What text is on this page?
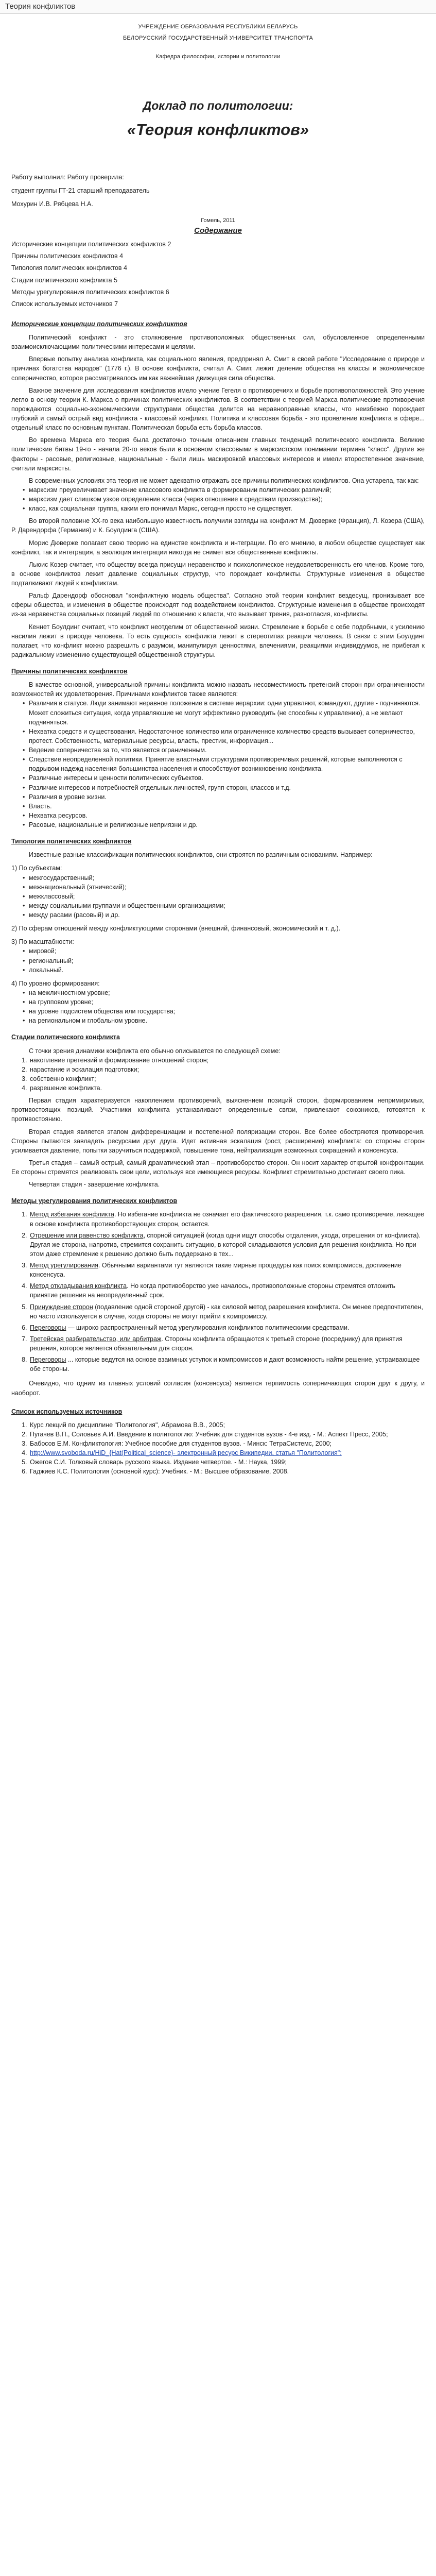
Теория конфликтов

УЧРЕЖДЕНИЕ ОБРАЗОВАНИЯ РЕСПУБЛИКИ БЕЛАРУСЬ

БЕЛОРУССКИЙ ГОСУДАРСТВЕННЫЙ УНИВЕРСИТЕТ ТРАНСПОРТА

Кафедра философии, истории и политологии

Доклад по политологии:

«Теория конфликтов»

Работу выполнил: Работу проверила:

студент группы ГТ-21 старший преподаватель

Мохурин И.В. Рябцева Н.А.

Гомель, 2011

Содержание

Исторические концепции политических конфликтов 2

Причины политических конфликтов 4

Типология политических конфликтов 4

Стадии политического конфликта 5

Методы урегулирования политических конфликтов 6

Список используемых источников 7

Исторические концепции политических конфликтов

Политический конфликт - это столкновение противоположных общественных сил, обусловленное определенными взаимоисключающими политическими интересами и целями.

Впервые попытку анализа конфликта, как социального явления, предпринял А. Смит в своей работе "Исследование о природе и причинах богатства народов" (1776 г.). В основе конфликта, считал А. Смит, лежит деление общества на классы и экономическое соперничество, которое рассматривалось им как важнейшая движущая сила общества.

Важное значение для исследования конфликтов имело учение Гегеля о противоречиях и борьбе противоположностей. Это учение легло в основу теории К. Маркса о причинах политических конфликтов. В соответствии с теорией Маркса политические противоречия порождаются социально-экономическими структурами общества делится на неравноправные классы, что неизбежно порождает глубокий и самый острый вид конфликта - классовый конфликт. Политика и классовая борьба - это проявление конфликта в сфере... отдельный класс по основным пунктам. Политическая борьба есть борьба классов.

Во времена Маркса его теория была достаточно точным описанием главных тенденций политического конфликта. Великие политические битвы 19-го - начала 20-го веков были в основном классовыми в марксистском понимании термина "класс". Другие же факторы - расовые, религиозные, национальные - были лишь маскировкой классовых интересов и имели второстепенное значение, считали марксисты.

В современных условиях эта теория не может адекватно отражать все причины политических конфликтов. Она устарела, так как:

• марксизм преувеличивает значение классового конфликта в формировании политических различий;
• марксизм дает слишком узкое определение класса (через отношение к средствам производства);
• класс, как социальная группа, каким его понимал Маркс, сегодня просто не существует.

Во второй половине XX-го века наибольшую известность получили взгляды на конфликт М. Дюверже (Франция), Л. Козера (США), Р. Дарендорфа (Германия) и К. Боулдинга (США).

Морис Дюверже полагает свою теорию на единстве конфликта и интеграции. По его мнению, в любом обществе существует как конфликт, так и интеграция, а эволюция интеграции никогда не снимет все общественные конфликты.

Льюис Козер считает, что обществу всегда присущи неравенство и психологическое неудовлетворенность его членов. Кроме того, в основе конфликтов лежит давление социальных структур, что порождает конфликты. Структурные изменения в обществе подталкивают людей к конфликтам.

Ральф Дарендорф обосновал "конфликтную модель общества". Согласно этой теории конфликт вездесущ, пронизывает все сферы общества, и изменения в обществе происходят под воздействием конфликтов. Структурные изменения в обществе происходят из-за неравенства социальных позиций людей по отношению к власти, что вызывает трения, разногласия, конфликты.

Кеннет Боулдинг считает, что конфликт неотделим от общественной жизни. Стремление к борьбе с себе подобными, к усилению насилия лежит в природе человека. То есть сущность конфликта лежит в стереотипах реакции человека. В связи с этим Боулдинг полагает, что конфликт можно разрешить с разумом, манипулируя ценностями, влечениями, реакциями индивидуумов, не прибегая к радикальному изменению существующей общественной структуры.

Причины политических конфликтов

В качестве основной, универсальной причины конфликта можно назвать несовместимость претензий сторон при ограниченности возможностей их удовлетворения. Причинами конфликтов также являются:

• Различия в статусе. Люди занимают неравное положение в системе иерархии: одни управляют, командуют, другие - подчиняются. Может сложиться ситуация, когда управляющие не могут эффективно руководить (не способны к управлению), а не желают подчиняться.
• Нехватка средств и существования. Недостаточное количество или ограниченное количество средств вызывает соперничество, протест. Собственность, материальные ресурсы, власть, престиж, информация...
• Ведение соперничества за то, что является ограниченным.
• Следствие неопределенной политики. Принятие властными структурами противоречивых решений, которые выполняются с подрывом надежд населения большинства населения и способствуют возникновению конфликта.
• Различные интересы и ценности политических субъектов.
• Различие интересов и потребностей отдельных личностей, групп-сторон, классов и т.д.
• Различия в уровне жизни.
• Власть.
• Нехватка ресурсов.
• Расовые, национальные и религиозные неприязни и др.

Типология политических конфликтов

Известные разные классификации политических конфликтов, они строятся по различным основаниям. Например:

1) По субъектам:

• межгосударственный;
• межнациональный (этнический);
• межклассовый;
• между социальными группами и общественными организациями;
• между расами (расовый) и др.

2) По сферам отношений между конфликтующими сторонами (внешний, финансовый, экономический и т. д.).

3) По масштабности:

• мировой;
• региональный;
• локальный.

4) По уровню формирования:

• на межличностном уровне;
• на групповом уровне;
• на уровне подсистем общества или государства;
• на региональном и глобальном уровне.

Стадии политического конфликта

С точки зрения динамики конфликта его обычно описывается по следующей схеме:

1. накопление претензий и формирование отношений сторон;
2. нарастание и эскалация подготовки;
3. собственно конфликт;
4. разрешение конфликта.

Первая стадия характеризуется накоплением противоречий, выяснением позиций сторон, формированием непримиримых, противостоящих позиций. Участники конфликта устанавливают определенные связи, привлекают союзников, готовятся к противостоянию.

Вторая стадия является этапом дифференциации и постепенной поляризации сторон. Все более обостряются противоречия. Стороны пытаются завладеть ресурсами друг друга. Идет активная эскалация (рост, расширение) конфликта: со стороны сторон усиливается давление, попытки заручиться поддержкой, повышение тона, нейтрализация возможных сокращений и консенсуса.

Третья стадия – самый острый, самый драматический этап – противоборство сторон. Он носит характер открытой конфронтации. Ее стороны стремятся реализовать свои цели, используя все имеющиеся ресурсы. Конфликт стремительно достигает своего пика.

Четвертая стадия - завершение конфликта.

Методы урегулирования политических конфликтов

1. Метод избегания конфликта. Но избегание конфликта не означает его фактического разрешения, т.к. само противоречие, лежащее в основе конфликта противоборствующих сторон, остается.
2. Отрешение или равенство конфликта, спорной ситуацией (когда одни ищут способы отдаления, ухода, отрешения от конфликта). Другая же сторона, напротив, стремится сохранить ситуацию, в которой складываются условия для решения конфликта. Но при этом даже стремление к решению должно быть поддержано в тех...
3. Метод урегулирования. Обычными вариантами тут являются такие мирные процедуры как поиск компромисса, достижение консенсуса.
4. Метод откладывания конфликта. Но когда противоборство уже началось, противоположные стороны стремятся отложить принятие решения на неопределенный срок.
5. Принуждение сторон (подавление одной стороной другой) - как силовой метод разрешения конфликта. Он менее предпочтителен, но часто используется в случае, когда стороны не могут прийти к компромиссу.
6. Переговоры — широко распространенный метод урегулирования конфликтов политическими средствами.
7. Третейская разбирательство, или арбитраж. Стороны конфликта обращаются к третьей стороне (посреднику) для принятия решения, которое является обязательным для сторон.
8. Переговоры ... которые ведутся на основе взаимных уступок и компромиссов и дают возможность найти решение, устраивающее обе стороны.

Очевидно, что одним из главных условий согласия (консенсуса) является терпимость соперничающих сторон друг к другу, и наоборот.

Список используемых источников

1. Курс лекций по дисциплине "Политология", Абрамова В.В., 2005;
2. Пугачев В.П., Соловьев А.И. Введение в политологию: Учебник для студентов вузов - 4-е изд. - М.: Аспект Пресс, 2005;
3. Бабосов Е.М. Конфликтология: Учебное пособие для студентов вузов. - Минск: ТетраСистемс, 2000;
4. http://www.svoboda.ru/HiD_{Hat(Political_science}- электронный ресурс Википедии, статья "Политология";
5. Ожегов С.И. Толковый словарь русского языка. Издание четвертое. - М.: Наука, 1999;
6. Гаджиев К.С. Политология (основной курс): Учебник. - М.: Высшее образование, 2008.
